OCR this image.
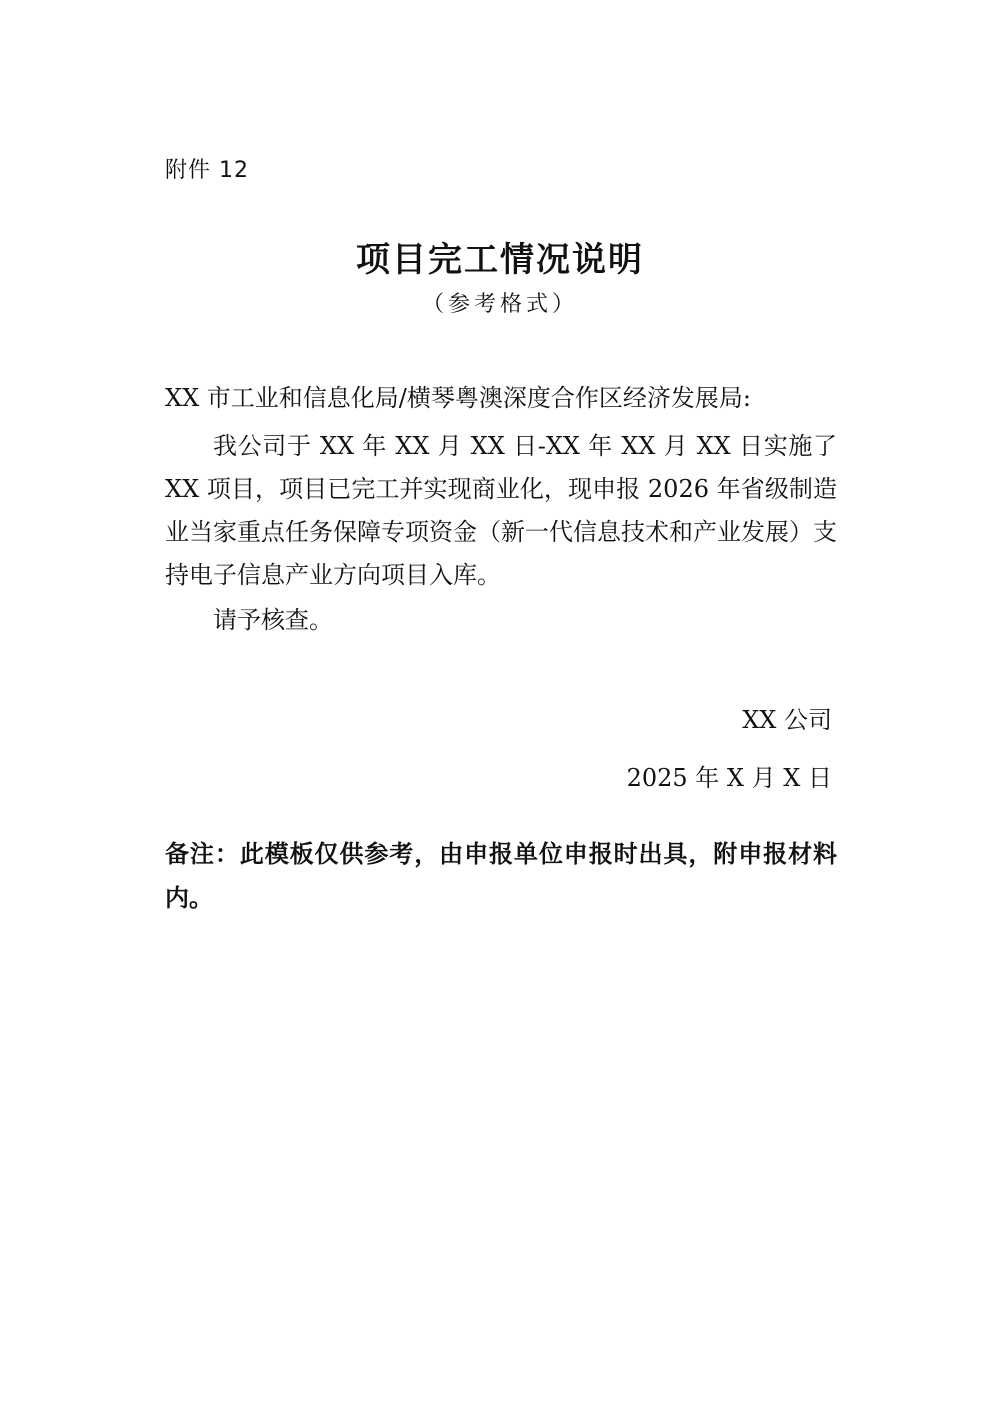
附件 12
项目完工情况说明
（参考格式）
XX 市工业和信息化局/横琴粤澳深度合作区经济发展局:

我公司于 XX 年 XX 月 XX 日-XX 年 XX 月 XX 日实施了 XX 项目，项目已完工并实现商业化，现申报 2026 年省级制造业当家重点任务保障专项资金（新一代信息技术和产业发展）支持电子信息产业方向项目入库。

请予核查。

XX 公司
2025 年 X 月 X 日
备注：此模板仅供参考，由申报单位申报时出具，附申报材料内。
